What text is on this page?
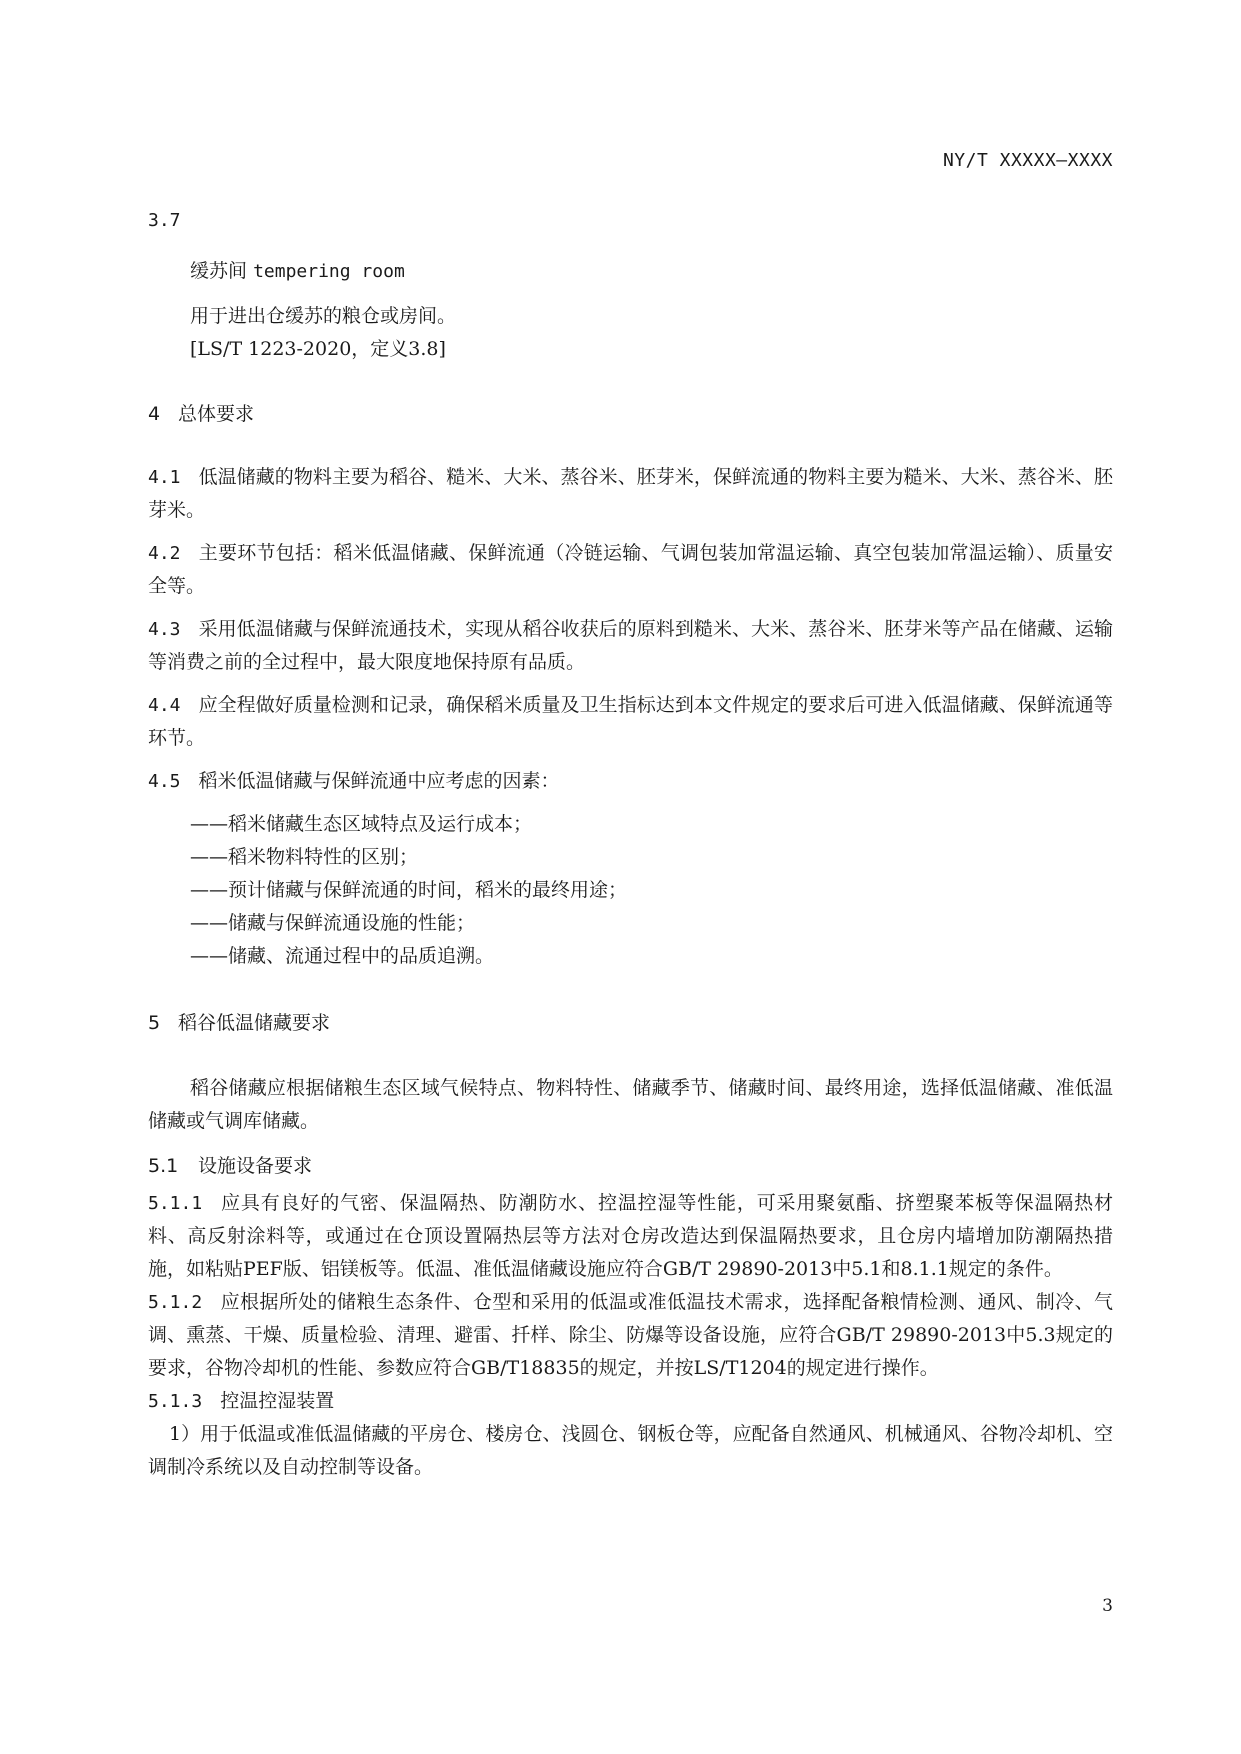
NY/T XXXXX—XXXX

3.7

缓苏间 tempering room

用于进出仓缓苏的粮仓或房间。

[LS/T 1223-2020，定义3.8]

4 总体要求

4.1 低温储藏的物料主要为稻谷、糙米、大米、蒸谷米、胚芽米，保鲜流通的物料主要为糙米、大米、蒸谷米、胚芽米。

4.2 主要环节包括：稻米低温储藏、保鲜流通（冷链运输、气调包装加常温运输、真空包装加常温运输）、质量安全等。

4.3 采用低温储藏与保鲜流通技术，实现从稻谷收获后的原料到糙米、大米、蒸谷米、胚芽米等产品在储藏、运输等消费之前的全过程中，最大限度地保持原有品质。

4.4 应全程做好质量检测和记录，确保稻米质量及卫生指标达到本文件规定的要求后可进入低温储藏、保鲜流通等环节。

4.5 稻米低温储藏与保鲜流通中应考虑的因素：

——稻米储藏生态区域特点及运行成本；
——稻米物料特性的区别；
——预计储藏与保鲜流通的时间，稻米的最终用途；
——储藏与保鲜流通设施的性能；
——储藏、流通过程中的品质追溯。
5 稻谷低温储藏要求

稻谷储藏应根据储粮生态区域气候特点、物料特性、储藏季节、储藏时间、最终用途，选择低温储藏、准低温储藏或气调库储藏。

5.1 设施设备要求

5.1.1 应具有良好的气密、保温隔热、防潮防水、控温控湿等性能，可采用聚氨酯、挤塑聚苯板等保温隔热材料、高反射涂料等，或通过在仓顶设置隔热层等方法对仓房改造达到保温隔热要求，且仓房内墙增加防潮隔热措施，如粘贴PEF版、铝镁板等。低温、准低温储藏设施应符合GB/T 29890-2013中5.1和8.1.1规定的条件。

5.1.2 应根据所处的储粮生态条件、仓型和采用的低温或准低温技术需求，选择配备粮情检测、通风、制冷、气调、熏蒸、干燥、质量检验、清理、避雷、扦样、除尘、防爆等设备设施，应符合GB/T 29890-2013中5.3规定的要求，谷物冷却机的性能、参数应符合GB/T18835的规定，并按LS/T1204的规定进行操作。

5.1.3 控温控湿装置

1）用于低温或准低温储藏的平房仓、楼房仓、浅圆仓、钢板仓等，应配备自然通风、机械通风、谷物冷却机、空调制冷系统以及自动控制等设备。

3
